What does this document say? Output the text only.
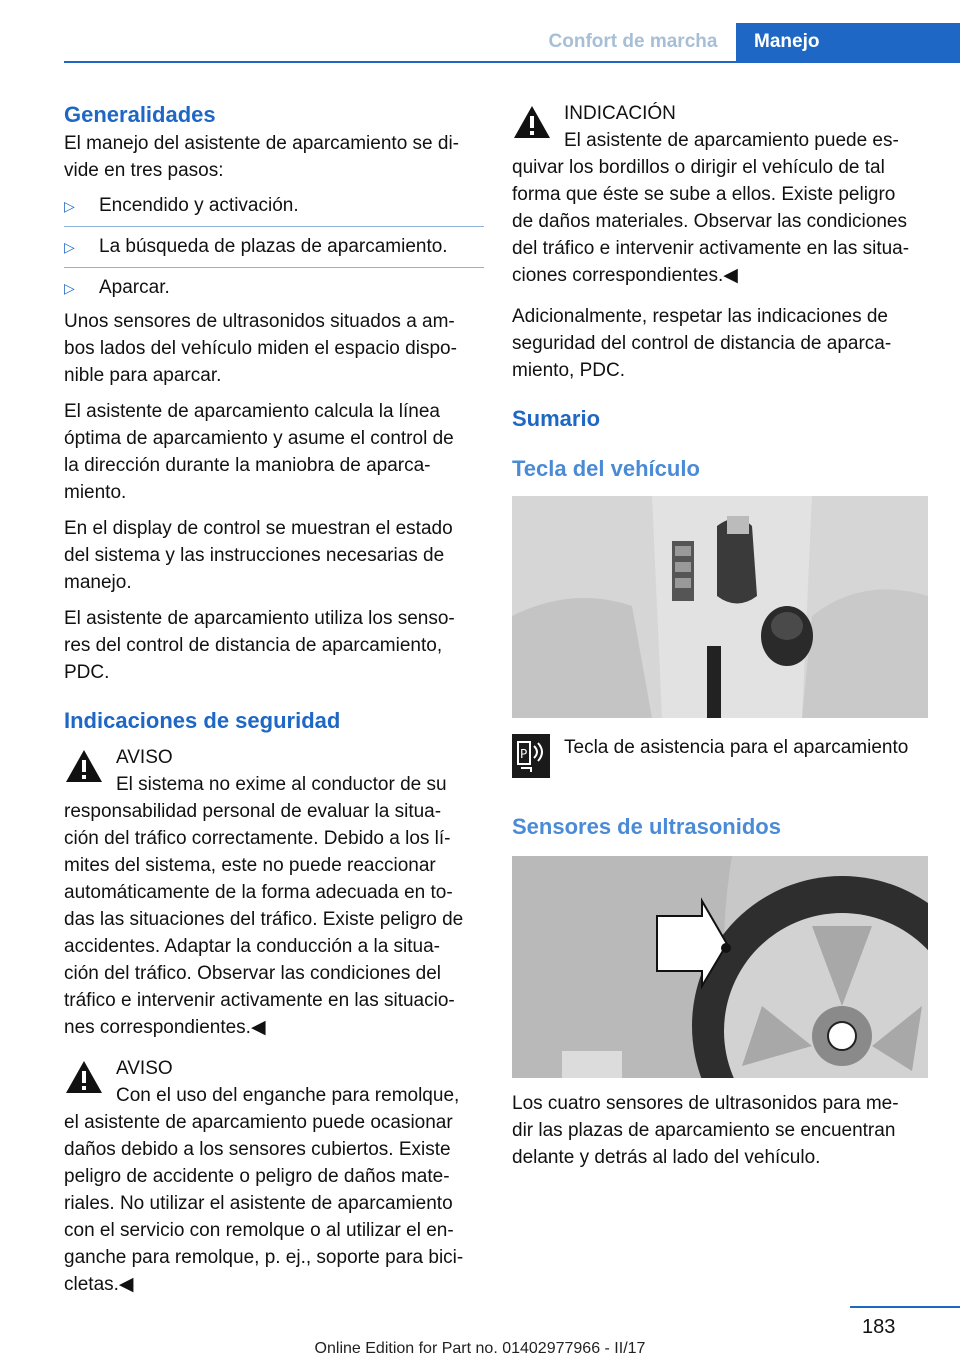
Confort de marcha	Manejo
Generalidades

El manejo del asistente de aparcamiento se di-
vide en tres pasos:

▷	Encendido y activación.
▷	La búsqueda de plazas de aparcamiento.
▷	Aparcar.

Unos sensores de ultrasonidos situados a am-
bos lados del vehículo miden el espacio dispo-
nible para aparcar.

El asistente de aparcamiento calcula la línea
óptima de aparcamiento y asume el control de
la dirección durante la maniobra de aparca-
miento.

En el display de control se muestran el estado
del sistema y las instrucciones necesarias de
manejo.

El asistente de aparcamiento utiliza los senso-
res del control de distancia de aparcamiento,
PDC.

Indicaciones de seguridad

AVISO

El sistema no exime al conductor de su

responsabilidad personal de evaluar la situa-
ción del tráfico correctamente. Debido a los lí-
mites del sistema, este no puede reaccionar
automáticamente de la forma adecuada en to-
das las situaciones del tráfico. Existe peligro de
accidentes. Adaptar la conducción a la situa-
ción del tráfico. Observar las condiciones del
tráfico e intervenir activamente en las situacio-
nes correspondientes.◀

AVISO

Con el uso del enganche para remolque,

el asistente de aparcamiento puede ocasionar
daños debido a los sensores cubiertos. Existe
peligro de accidente o peligro de daños mate-
riales. No utilizar el asistente de aparcamiento
con el servicio con remolque o al utilizar el en-
ganche para remolque, p. ej., soporte para bici-
cletas.◀

INDICACIÓN

El asistente de aparcamiento puede es-

quivar los bordillos o dirigir el vehículo de tal
forma que éste se sube a ellos. Existe peligro
de daños materiales. Observar las condiciones
del tráfico e intervenir activamente en las situa-
ciones correspondientes.◀

Adicionalmente, respetar las indicaciones de
seguridad del control de distancia de aparca-
miento, PDC.

Sumario
Tecla del vehículo
P Tecla de asistencia para el aparcamiento

Sensores de ultrasonidos

Los cuatro sensores de ultrasonidos para me-
dir las plazas de aparcamiento se encuentran
delante y detrás al lado del vehículo.

183
Online Edition for Part no. 01402977966 - II/17
